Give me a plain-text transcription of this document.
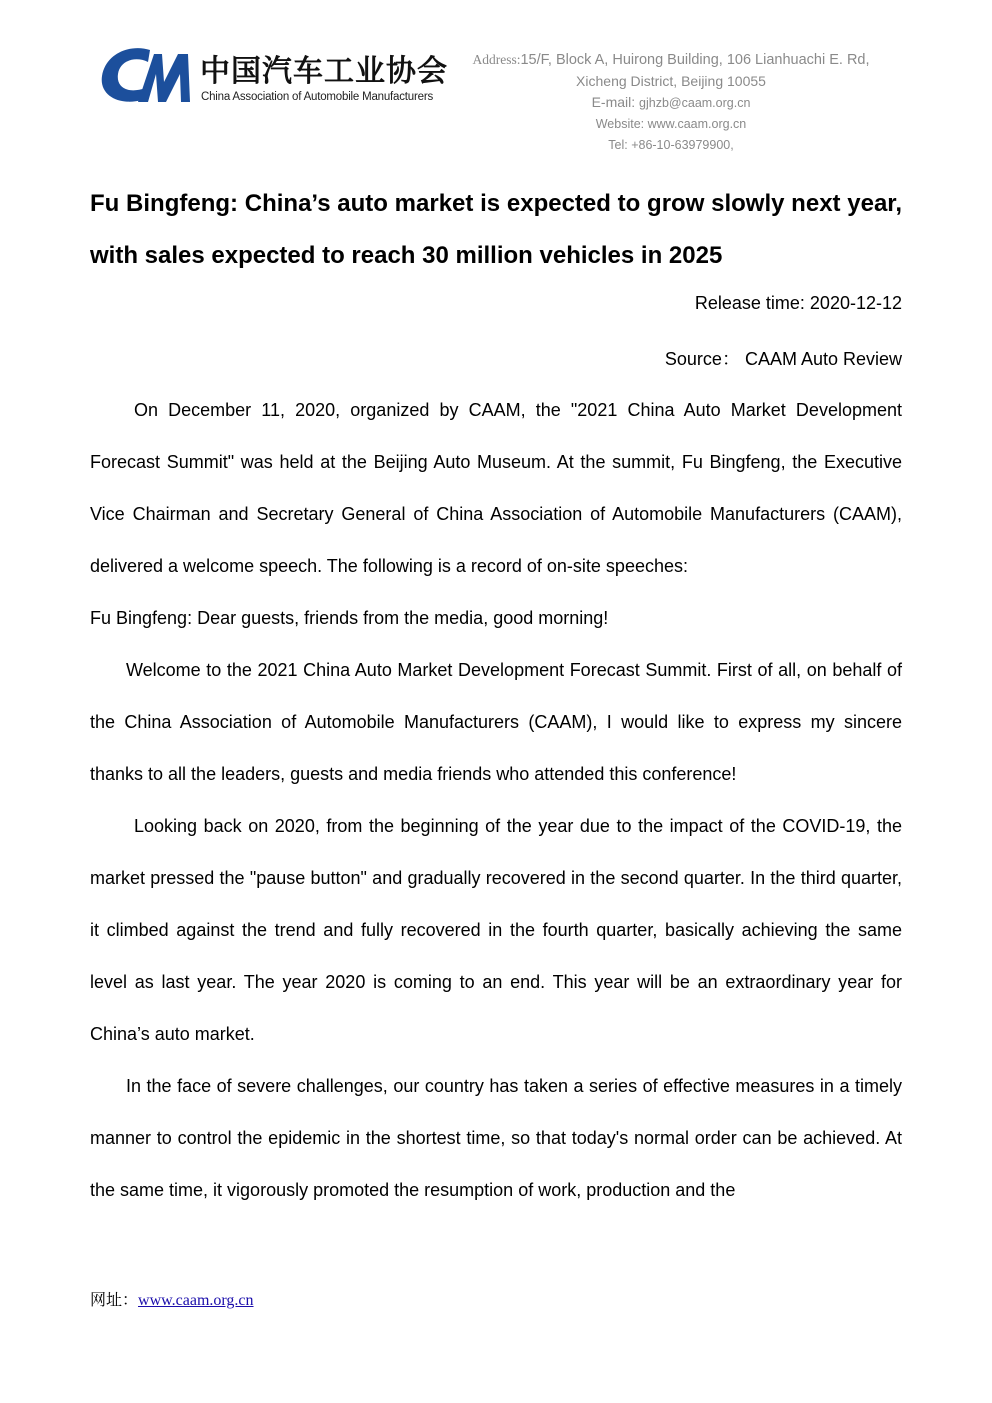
中国汽车工业协会
China Association of Automobile Manufacturers
Address:15/F, Block A, Huirong Building, 106 Lianhuachi E. Rd,
Xicheng District, Beijing 10055
E-mail: gjhzb@caam.org.cn
Website: www.caam.org.cn
Tel: +86-10-63979900,
Fu Bingfeng: China’s auto market is expected to grow slowly next year, with sales expected to reach 30 million vehicles in 2025
Release time: 2020-12-12
Source： CAAM Auto Review

On December 11, 2020, organized by CAAM, the "2021 China Auto Market Development Forecast Summit" was held at the Beijing Auto Museum. At the summit, Fu Bingfeng, the Executive Vice Chairman and Secretary General of China Association of Automobile Manufacturers (CAAM), delivered a welcome speech. The following is a record of on-site speeches:

Fu Bingfeng: Dear guests, friends from the media, good morning!

Welcome to the 2021 China Auto Market Development Forecast Summit. First of all, on behalf of the China Association of Automobile Manufacturers (CAAM), I would like to express my sincere thanks to all the leaders, guests and media friends who attended this conference!

Looking back on 2020, from the beginning of the year due to the impact of the COVID-19, the market pressed the "pause button" and gradually recovered in the second quarter. In the third quarter, it climbed against the trend and fully recovered in the fourth quarter, basically achieving the same level as last year. The year 2020 is coming to an end. This year will be an extraordinary year for China’s auto market.

In the face of severe challenges, our country has taken a series of effective measures in a timely manner to control the epidemic in the shortest time, so that today's normal order can be achieved. At the same time, it vigorously promoted the resumption of work, production and the

网址：www.caam.org.cn
